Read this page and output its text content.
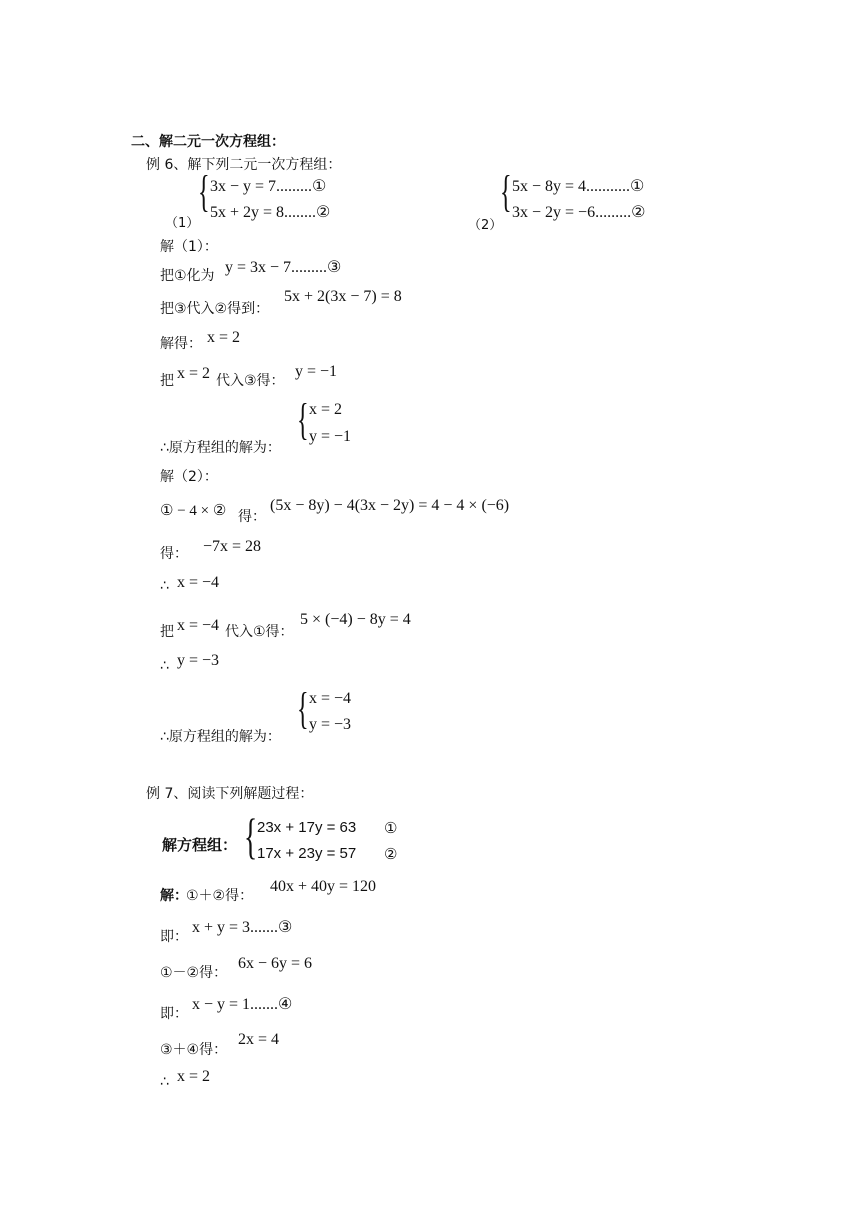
二、解二元一次方程组：
例 6、解下列二元一次方程组：
（1）
{ 3x − y = 7.........①
5x + 2y = 8........②
（2）
{ 5x − 8y = 4...........①
3x − 2y = −6.........②
解（1）：
把①化为 y = 3x − 7.........③
把③代入②得到：
5x + 2(3x − 7) = 8
解得： x = 2
把 x = 2 代入③得：
y = −1
∴原方程组的解为：
{ x = 2
y = −1
解（2）：
① − 4 × ② 得：
(5x − 8y) − 4(3x − 2y) = 4 − 4 × (−6)
得： −7x = 28
∴ x = −4
把 x = −4 代入①得：
5 × (−4) − 8y = 4
∴ y = −3
∴原方程组的解为：
{ x = −4
y = −3
例 7、阅读下列解题过程：
解方程组： { 23x + 17y = 63 ①
17x + 23y = 57 ②
解：
①＋②得：
40x + 40y = 120
即：
x + y = 3.......③
①－②得：
6x − 6y = 6
即：
x − y = 1.......④
③＋④得：
2x = 4
∴ x = 2
